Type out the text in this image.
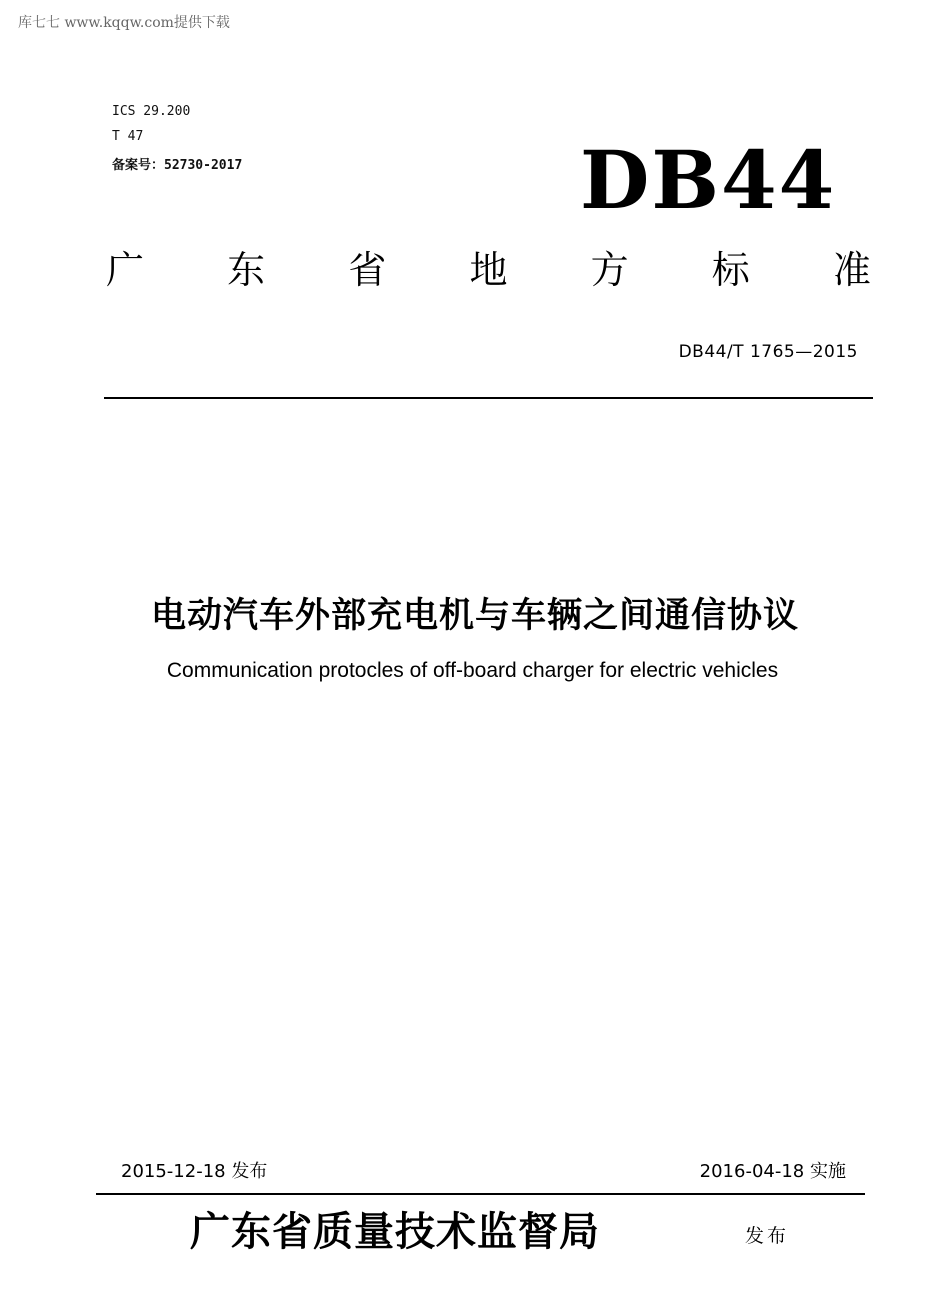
库七七 www.kqqw.com提供下载
ICS 29.200
T 47
备案号：52730-2017	DB44
广 东 省 地 方 标 准
DB44/T 1765—2015
电动汽车外部充电机与车辆之间通信协议
Communication protocles of off-board charger for electric vehicles
2015-12-18 发布	2016-04-18 实施
广东省质量技术监督局	发布
